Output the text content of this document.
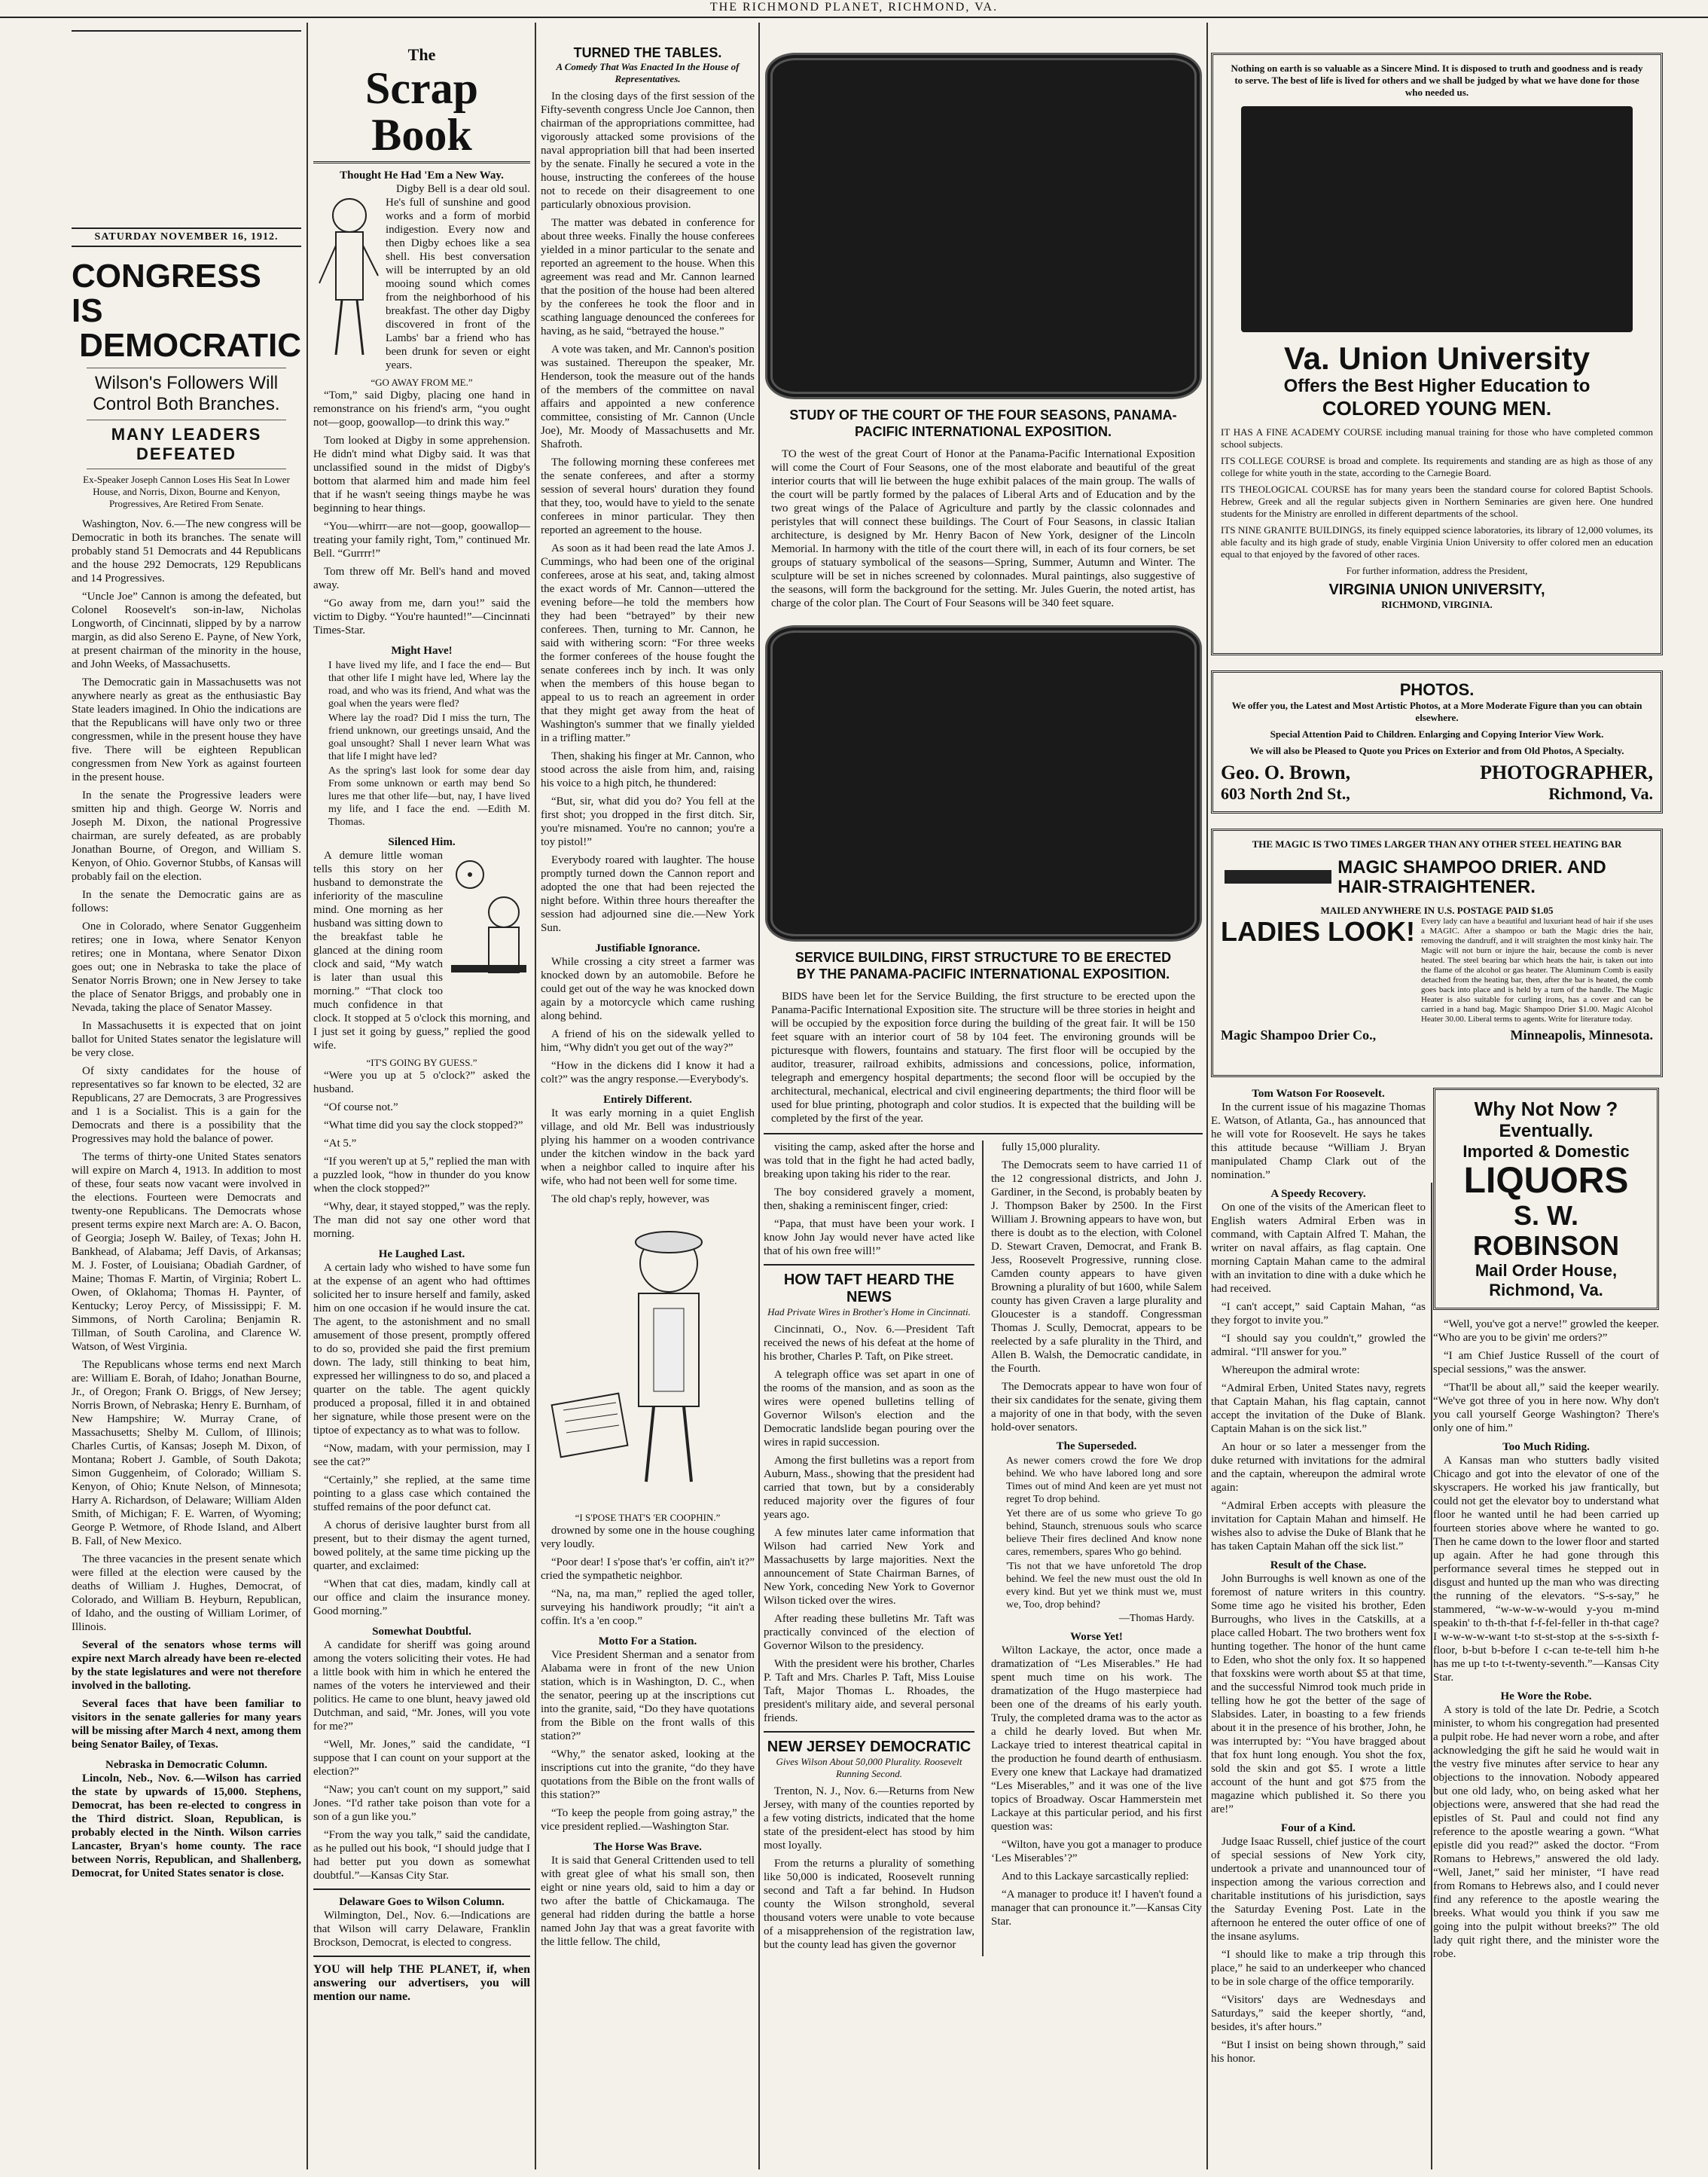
THE RICHMOND PLANET, RICHMOND, VA.
SATURDAY NOVEMBER 16, 1912.
CONGRESS IS
DEMOCRATIC
Wilson's Followers Will Control Both Branches.
MANY LEADERS DEFEATED

Ex-Speaker Joseph Cannon Loses His Seat In Lower House, and Norris, Dixon, Bourne and Kenyon, Progressives, Are Retired From Senate.

Washington, Nov. 6.—The new congress will be Democratic in both its branches. The senate will probably stand 51 Democrats and 44 Republicans and the house 292 Democrats, 129 Republicans and 14 Progressives.

“Uncle Joe” Cannon is among the defeated, but Colonel Roosevelt's son-in-law, Nicholas Longworth, of Cincinnati, slipped by by a narrow margin, as did also Sereno E. Payne, of New York, at present chairman of the minority in the house, and John Weeks, of Massachusetts.

The Democratic gain in Massachusetts was not anywhere nearly as great as the enthusiastic Bay State leaders imagined. In Ohio the indications are that the Republicans will have only two or three congressmen, while in the present house they have five. There will be eighteen Republican congressmen from New York as against fourteen in the present house.

In the senate the Progressive leaders were smitten hip and thigh. George W. Norris and Joseph M. Dixon, the national Progressive chairman, are surely defeated, as are probably Jonathan Bourne, of Oregon, and William S. Kenyon, of Ohio. Governor Stubbs, of Kansas will probably fail on the election.

In the senate the Democratic gains are as follows:

One in Colorado, where Senator Guggenheim retires; one in Iowa, where Senator Kenyon retires; one in Montana, where Senator Dixon goes out; one in Nebraska to take the place of Senator Norris Brown; one in New Jersey to take the place of Senator Briggs, and probably one in Nevada, taking the place of Senator Massey.

In Massachusetts it is expected that on joint ballot for United States senator the legislature will be very close.

Of sixty candidates for the house of representatives so far known to be elected, 32 are Republicans, 27 are Democrats, 3 are Progressives and 1 is a Socialist. This is a gain for the Democrats and there is a possibility that the Progressives may hold the balance of power.

The terms of thirty-one United States senators will expire on March 4, 1913. In addition to most of these, four seats now vacant were involved in the elections. Fourteen were Democrats and twenty-one Republicans. The Democrats whose present terms expire next March are: A. O. Bacon, of Georgia; Joseph W. Bailey, of Texas; John H. Bankhead, of Alabama; Jeff Davis, of Arkansas; M. J. Foster, of Louisiana; Obadiah Gardner, of Maine; Thomas F. Martin, of Virginia; Robert L. Owen, of Oklahoma; Thomas H. Paynter, of Kentucky; Leroy Percy, of Mississippi; F. M. Simmons, of North Carolina; Benjamin R. Tillman, of South Carolina, and Clarence W. Watson, of West Virginia.

The Republicans whose terms end next March are: William E. Borah, of Idaho; Jonathan Bourne, Jr., of Oregon; Frank O. Briggs, of New Jersey; Norris Brown, of Nebraska; Henry E. Burnham, of New Hampshire; W. Murray Crane, of Massachusetts; Shelby M. Cullom, of Illinois; Charles Curtis, of Kansas; Joseph M. Dixon, of Montana; Robert J. Gamble, of South Dakota; Simon Guggenheim, of Colorado; William S. Kenyon, of Ohio; Knute Nelson, of Minnesota; Harry A. Richardson, of Delaware; William Alden Smith, of Michigan; F. E. Warren, of Wyoming; George P. Wetmore, of Rhode Island, and Albert B. Fall, of New Mexico.

The three vacancies in the present senate which were filled at the election were caused by the deaths of William J. Hughes, Democrat, of Colorado, and William B. Heyburn, Republican, of Idaho, and the ousting of William Lorimer, of Illinois.

Several of the senators whose terms will expire next March already have been re-elected by the state legislatures and were not therefore involved in the balloting.

Several faces that have been familiar to visitors in the senate galleries for many years will be missing after March 4 next, among them being Senator Bailey, of Texas.

Nebraska in Democratic Column.

Lincoln, Neb., Nov. 6.—Wilson has carried the state by upwards of 15,000. Stephens, Democrat, has been re-elected to congress in the Third district. Sloan, Republican, is probably elected in the Ninth. Wilson carries Lancaster, Bryan's home county. The race between Norris, Republican, and Shallenberg, Democrat, for United States senator is close.

The
Scrap Book
Thought He Had 'Em a New Way.

Digby Bell is a dear old soul. He's full of sunshine and good works and a form of morbid indigestion. Every now and then Digby echoes like a sea shell. His best conversation will be interrupted by an old mooing sound which comes from the neighborhood of his breakfast. The other day Digby discovered in front of the Lambs' bar a friend who has been drunk for seven or eight years.

“GO AWAY FROM ME.”

“Tom,” said Digby, placing one hand in remonstrance on his friend's arm, “you ought not—goop, goowallop—to drink this way.”

Tom looked at Digby in some apprehension. He didn't mind what Digby said. It was that unclassified sound in the midst of Digby's bottom that alarmed him and made him feel that if he wasn't seeing things maybe he was beginning to hear things.

“You—whirrr—are not—goop, goowallop—treating your family right, Tom,” continued Mr. Bell. “Gurrrr!”

Tom threw off Mr. Bell's hand and moved away.

“Go away from me, darn you!” said the victim to Digby. “You're haunted!”—Cincinnati Times-Star.

Might Have!

I have lived my life, and I face the end— But that other life I might have led, Where lay the road, and who was its friend, And what was the goal when the years were fled?

Where lay the road? Did I miss the turn, The friend unknown, our greetings unsaid, And the goal unsought? Shall I never learn What was that life I might have led?

As the spring's last look for some dear day From some unknown or earth may bend So lures me that other life—but, nay, I have lived my life, and I face the end. —Edith M. Thomas.

Silenced Him.

A demure little woman tells this story on her husband to demonstrate the inferiority of the masculine mind. One morning as her husband was sitting down to the breakfast table he glanced at the dining room clock and said, “My watch is later than usual this morning.” “That clock too much confidence in that clock. It stopped at 5 o'clock this morning, and I just set it going by guess,” replied the good wife.

“IT'S GOING BY GUESS.”

“Were you up at 5 o'clock?” asked the husband.

“Of course not.”

“What time did you say the clock stopped?”

“At 5.”

“If you weren't up at 5,” replied the man with a puzzled look, “how in thunder do you know when the clock stopped?”

“Why, dear, it stayed stopped,” was the reply. The man did not say one other word that morning.

He Laughed Last.

A certain lady who wished to have some fun at the expense of an agent who had ofttimes solicited her to insure herself and family, asked him on one occasion if he would insure the cat. The agent, to the astonishment and no small amusement of those present, promptly offered to do so, provided she paid the first premium down. The lady, still thinking to beat him, expressed her willingness to do so, and placed a quarter on the table. The agent quickly produced a proposal, filled it in and obtained her signature, while those present were on the tiptoe of expectancy as to what was to follow.

“Now, madam, with your permission, may I see the cat?”

“Certainly,” she replied, at the same time pointing to a glass case which contained the stuffed remains of the poor defunct cat.

A chorus of derisive laughter burst from all present, but to their dismay the agent turned, bowed politely, at the same time picking up the quarter, and exclaimed:

“When that cat dies, madam, kindly call at our office and claim the insurance money. Good morning.”

Somewhat Doubtful.

A candidate for sheriff was going around among the voters soliciting their votes. He had a little book with him in which he entered the names of the voters he interviewed and their politics. He came to one blunt, heavy jawed old Dutchman, and said, “Mr. Jones, will you vote for me?”

“Well, Mr. Jones,” said the candidate, “I suppose that I can count on your support at the election?”

“Naw; you can't count on my support,” said Jones. “I'd rather take poison than vote for a son of a gun like you.”

“From the way you talk,” said the candidate, as he pulled out his book, “I should judge that I had better put you down as somewhat doubtful.”—Kansas City Star.

Delaware Goes to Wilson Column.

Wilmington, Del., Nov. 6.—Indications are that Wilson will carry Delaware, Franklin Brockson, Democrat, is elected to congress.

YOU will help THE PLANET, if, when answering our advertisers, you will mention our name.

TURNED THE TABLES.

A Comedy That Was Enacted In the House of Representatives.

In the closing days of the first session of the Fifty-seventh congress Uncle Joe Cannon, then chairman of the appropriations committee, had vigorously attacked some provisions of the naval appropriation bill that had been inserted by the senate. Finally he secured a vote in the house, instructing the conferees of the house not to recede on their disagreement to one particularly obnoxious provision.

The matter was debated in conference for about three weeks. Finally the house conferees yielded in a minor particular to the senate and reported an agreement to the house. When this agreement was read and Mr. Cannon learned that the position of the house had been altered by the conferees he took the floor and in scathing language denounced the conferees for having, as he said, “betrayed the house.”

A vote was taken, and Mr. Cannon's position was sustained. Thereupon the speaker, Mr. Henderson, took the measure out of the hands of the members of the committee on naval affairs and appointed a new conference committee, consisting of Mr. Cannon (Uncle Joe), Mr. Moody of Massachusetts and Mr. Shafroth.

The following morning these conferees met the senate conferees, and after a stormy session of several hours' duration they found that they, too, would have to yield to the senate conferees in minor particular. They then reported an agreement to the house.

As soon as it had been read the late Amos J. Cummings, who had been one of the original conferees, arose at his seat, and, taking almost the exact words of Mr. Cannon—uttered the evening before—he told the members how they had been “betrayed” by their new conferees. Then, turning to Mr. Cannon, he said with withering scorn: “For three weeks the former conferees of the house fought the senate conferees inch by inch. It was only when the members of this house began to appeal to us to reach an agreement in order that they might get away from the heat of Washington's summer that we finally yielded in a trifling matter.”

Then, shaking his finger at Mr. Cannon, who stood across the aisle from him, and, raising his voice to a high pitch, he thundered:

“But, sir, what did you do? You fell at the first shot; you dropped in the first ditch. Sir, you're misnamed. You're no cannon; you're a toy pistol!”

Everybody roared with laughter. The house promptly turned down the Cannon report and adopted the one that had been rejected the night before. Within three hours thereafter the session had adjourned sine die.—New York Sun.

Justifiable Ignorance.

While crossing a city street a farmer was knocked down by an automobile. Before he could get out of the way he was knocked down again by a motorcycle which came rushing along behind.

A friend of his on the sidewalk yelled to him, “Why didn't you get out of the way?”

“How in the dickens did I know it had a colt?” was the angry response.—Everybody's.

Entirely Different.

It was early morning in a quiet English village, and old Mr. Bell was industriously plying his hammer on a wooden contrivance under the kitchen window in the back yard when a neighbor called to inquire after his wife, who had not been well for some time.

The old chap's reply, however, was

“I S'POSE THAT'S 'ER COOPHIN.”

drowned by some one in the house coughing very loudly.

“Poor dear! I s'pose that's 'er coffin, ain't it?” cried the sympathetic neighbor.

“Na, na, ma man,” replied the aged toller, surveying his handiwork proudly; “it ain't a coffin. It's a 'en coop.”

Motto For a Station.

Vice President Sherman and a senator from Alabama were in front of the new Union station, which is in Washington, D. C., when the senator, peering up at the inscriptions cut into the granite, said, “Do they have quotations from the Bible on the front walls of this station?”

“Why,” the senator asked, looking at the inscriptions cut into the granite, “do they have quotations from the Bible on the front walls of this station?”

“To keep the people from going astray,” the vice president replied.—Washington Star.

The Horse Was Brave.

It is said that General Crittenden used to tell with great glee of what his small son, then eight or nine years old, said to him a day or two after the battle of Chickamauga. The general had ridden during the battle a horse named John Jay that was a great favorite with the little fellow. The child,

STUDY OF THE COURT OF THE FOUR SEASONS, PANAMA-PACIFIC INTERNATIONAL EXPOSITION.

TO the west of the great Court of Honor at the Panama-Pacific International Exposition will come the Court of Four Seasons, one of the most elaborate and beautiful of the great interior courts that will lie between the huge exhibit palaces of the main group. The walls of the court will be partly formed by the palaces of Liberal Arts and of Education and by the two great wings of the Palace of Agriculture and partly by the classic colonnades and peristyles that will connect these buildings. The Court of Four Seasons, in classic Italian architecture, is designed by Mr. Henry Bacon of New York, designer of the Lincoln Memorial. In harmony with the title of the court there will, in each of its four corners, be set groups of statuary symbolical of the seasons—Spring, Summer, Autumn and Winter. The sculpture will be set in niches screened by colonnades. Mural paintings, also suggestive of the seasons, will form the background for the setting. Mr. Jules Guerin, the noted artist, has charge of the color plan. The Court of Four Seasons will be 340 feet square.

SERVICE BUILDING, FIRST STRUCTURE TO BE ERECTED BY THE PANAMA-PACIFIC INTERNATIONAL EXPOSITION.

BIDS have been let for the Service Building, the first structure to be erected upon the Panama-Pacific International Exposition site. The structure will be three stories in height and will be occupied by the exposition force during the building of the great fair. It will be 150 feet square with an interior court of 58 by 104 feet. The environing grounds will be picturesque with flowers, fountains and statuary. The first floor will be occupied by the auditor, treasurer, railroad exhibits, admissions and concessions, police, information, telegraph and emergency hospital departments; the second floor will be occupied by the architectural, mechanical, electrical and civil engineering departments; the third floor will be used for blue printing, photograph and color studios. It is expected that the building will be completed by the first of the year.

visiting the camp, asked after the horse and was told that in the fight he had acted badly, breaking upon taking his rider to the rear.

The boy considered gravely a moment, then, shaking a reminiscent finger, cried:

“Papa, that must have been your work. I know John Jay would never have acted like that of his own free will!”

HOW TAFT HEARD THE NEWS

Had Private Wires in Brother's Home in Cincinnati.

Cincinnati, O., Nov. 6.—President Taft received the news of his defeat at the home of his brother, Charles P. Taft, on Pike street.

A telegraph office was set apart in one of the rooms of the mansion, and as soon as the wires were opened bulletins telling of Governor Wilson's election and the Democratic landslide began pouring over the wires in rapid succession.

Among the first bulletins was a report from Auburn, Mass., showing that the president had carried that town, but by a considerably reduced majority over the figures of four years ago.

A few minutes later came information that Wilson had carried New York and Massachusetts by large majorities. Next the announcement of State Chairman Barnes, of New York, conceding New York to Governor Wilson ticked over the wires.

After reading these bulletins Mr. Taft was practically convinced of the election of Governor Wilson to the presidency.

With the president were his brother, Charles P. Taft and Mrs. Charles P. Taft, Miss Louise Taft, Major Thomas L. Rhoades, the president's military aide, and several personal friends.

NEW JERSEY DEMOCRATIC

Gives Wilson About 50,000 Plurality. Roosevelt Running Second.

Trenton, N. J., Nov. 6.—Returns from New Jersey, with many of the counties reported by a few voting districts, indicated that the home state of the president-elect has stood by him most loyally.

From the returns a plurality of something like 50,000 is indicated, Roosevelt running second and Taft a far behind. In Hudson county the Wilson stronghold, several thousand voters were unable to vote because of a misapprehension of the registration law, but the county lead has given the governor

fully 15,000 plurality.

The Democrats seem to have carried 11 of the 12 congressional districts, and John J. Gardiner, in the Second, is probably beaten by J. Thompson Baker by 2500. In the First William J. Browning appears to have won, but there is doubt as to the election, with Colonel D. Stewart Craven, Democrat, and Frank B. Jess, Roosevelt Progressive, running close. Camden county appears to have given Browning a plurality of but 1600, while Salem county has given Craven a large plurality and Gloucester is a standoff. Congressman Thomas J. Scully, Democrat, appears to be reelected by a safe plurality in the Third, and Allen B. Walsh, the Democratic candidate, in the Fourth.

The Democrats appear to have won four of their six candidates for the senate, giving them a majority of one in that body, with the seven hold-over senators.

The Superseded.

As newer comers crowd the fore We drop behind. We who have labored long and sore Times out of mind And keen are yet must not regret To drop behind.

Yet there are of us some who grieve To go behind, Staunch, strenuous souls who scarce believe Their fires declined And know none cares, remembers, spares Who go behind.

'Tis not that we have unforetold The drop behind. We feel the new must oust the old In every kind. But yet we think must we, must we, Too, drop behind?

—Thomas Hardy.
Worse Yet!

Wilton Lackaye, the actor, once made a dramatization of “Les Miserables.” He had spent much time on his work. The dramatization of the Hugo masterpiece had been one of the dreams of his early youth. Truly, the completed drama was to the actor as a child he dearly loved. But when Mr. Lackaye tried to interest theatrical capital in the production he found dearth of enthusiasm. Every one knew that Lackaye had dramatized “Les Miserables,” and it was one of the live topics of Broadway. Oscar Hammerstein met Lackaye at this particular period, and his first question was:

“Wilton, have you got a manager to produce ‘Les Miserables’?”

And to this Lackaye sarcastically replied:

“A manager to produce it! I haven't found a manager that can pronounce it.”—Kansas City Star.

Nothing on earth is so valuable as a Sincere Mind. It is disposed to truth and goodness and is ready to serve. The best of life is lived for others and we shall be judged by what we have done for those who needed us.

Va. Union University
Offers the Best Higher Education to
COLORED YOUNG MEN.

IT HAS A FINE ACADEMY COURSE including manual training for those who have completed common school subjects.

ITS COLLEGE COURSE is broad and complete. Its requirements and standing are as high as those of any college for white youth in the state, according to the Carnegie Board.

ITS THEOLOGICAL COURSE has for many years been the standard course for colored Baptist Schools. Hebrew, Greek and all the regular subjects given in Northern Seminaries are given here. One hundred students for the Ministry are enrolled in different departments of the school.

ITS NINE GRANITE BUILDINGS, its finely equipped science laboratories, its library of 12,000 volumes, its able faculty and its high grade of study, enable Virginia Union University to offer colored men an education equal to that enjoyed by the favored of other races.

For further information, address the President,

VIRGINIA UNION UNIVERSITY,
RICHMOND, VIRGINIA.
PHOTOS.

We offer you, the Latest and Most Artistic Photos, at a More Moderate Figure than you can obtain elsewhere.

Special Attention Paid to Children. Enlarging and Copying Interior View Work.

We will also be Pleased to Quote you Prices on Exterior and from Old Photos, A Specialty.

Geo. O. Brown,	PHOTOGRAPHER,
603 North 2nd St.,	Richmond, Va.
THE MAGIC IS TWO TIMES LARGER THAN ANY OTHER STEEL HEATING BAR
MAGIC SHAMPOO DRIER. AND HAIR-STRAIGHTENER.
MAILED ANYWHERE IN U.S. POSTAGE PAID $1.05
LADIES LOOK! Every lady can have a beautiful and luxuriant head of hair if she uses a MAGIC. After a shampoo or bath the Magic dries the hair, removing the dandruff, and it will straighten the most kinky hair. The Magic will not burn or injure the hair, because the comb is never heated. The steel bearing bar which heats the hair, is taken out into the flame of the alcohol or gas heater. The Aluminum Comb is easily detached from the heating bar, then, after the bar is heated, the comb goes back into place and is held by a turn of the handle. The Magic Heater is also suitable for curling irons, has a cover and can be carried in a hand bag. Magic Shampoo Drier $1.00. Magic Alcohol Heater 30.00. Liberal terms to agents. Write for literature today.

Magic Shampoo Drier Co.,	Minneapolis, Minnesota.
Tom Watson For Roosevelt.

In the current issue of his magazine Thomas E. Watson, of Atlanta, Ga., has announced that he will vote for Roosevelt. He says he takes this attitude because “William J. Bryan manipulated Champ Clark out of the nomination.”

A Speedy Recovery.

On one of the visits of the American fleet to English waters Admiral Erben was in command, with Captain Alfred T. Mahan, the writer on naval affairs, as flag captain. One morning Captain Mahan came to the admiral with an invitation to dine with a duke which he had received.

“I can't accept,” said Captain Mahan, “as they forgot to invite you.”

“I should say you couldn't,” growled the admiral. “I'll answer for you.”

Whereupon the admiral wrote:

“Admiral Erben, United States navy, regrets that Captain Mahan, his flag captain, cannot accept the invitation of the Duke of Blank. Captain Mahan is on the sick list.”

An hour or so later a messenger from the duke returned with invitations for the admiral and the captain, whereupon the admiral wrote again:

“Admiral Erben accepts with pleasure the invitation for Captain Mahan and himself. He wishes also to advise the Duke of Blank that he has taken Captain Mahan off the sick list.”

Result of the Chase.

John Burroughs is well known as one of the foremost of nature writers in this country. Some time ago he visited his brother, Eden Burroughs, who lives in the Catskills, at a place called Hobart. The two brothers went fox hunting together. The honor of the hunt came to Eden, who shot the only fox. It so happened that foxskins were worth about $5 at that time, and the successful Nimrod took much pride in telling how he got the better of the sage of Slabsides. Later, in boasting to a few friends about it in the presence of his brother, John, he was interrupted by: “You have bragged about that fox hunt long enough. You shot the fox, sold the skin and got $5. I wrote a little account of the hunt and got $75 from the magazine which published it. So there you are!”

Four of a Kind.

Judge Isaac Russell, chief justice of the court of special sessions of New York city, undertook a private and unannounced tour of inspection among the various correction and charitable institutions of his jurisdiction, says the Saturday Evening Post. Late in the afternoon he entered the outer office of one of the insane asylums.

“I should like to make a trip through this place,” he said to an underkeeper who chanced to be in sole charge of the office temporarily.

“Visitors' days are Wednesdays and Saturdays,” said the keeper shortly, “and, besides, it's after hours.”

“But I insist on being shown through,” said his honor.

Why Not Now ?
Eventually.
Imported & Domestic
LIQUORS
S. W. ROBINSON
Mail Order House,
Richmond, Va.

“Well, you've got a nerve!” growled the keeper. “Who are you to be givin' me orders?”

“I am Chief Justice Russell of the court of special sessions,” was the answer.

“That'll be about all,” said the keeper wearily. “We've got three of you in here now. Why don't you call yourself George Washington? There's only one of him.”

Too Much Riding.

A Kansas man who stutters badly visited Chicago and got into the elevator of one of the skyscrapers. He worked his jaw frantically, but could not get the elevator boy to understand what floor he wanted until he had been carried up fourteen stories above where he wanted to go. Then he came down to the lower floor and started up again. After he had gone through this performance several times he stepped out in disgust and hunted up the man who was directing the running of the elevators. “S-s-say,” he stammered, “w-w-w-w-would y-you m-mind speakin' to th-th-that f-f-fel-feller in th-that cage? I w-w-w-w-want t-to st-st-stop at the s-s-sixth f-floor, b-but b-before I c-can te-te-tell him h-he has me up t-to t-t-twenty-seventh.”—Kansas City Star.

He Wore the Robe.

A story is told of the late Dr. Pedrie, a Scotch minister, to whom his congregation had presented a pulpit robe. He had never worn a robe, and after acknowledging the gift he said he would wait in the vestry five minutes after service to hear any objections to the innovation. Nobody appeared but one old lady, who, on being asked what her objections were, answered that she had read the epistles of St. Paul and could not find any reference to the apostle wearing a gown. “What epistle did you read?” asked the doctor. “From Romans to Hebrews,” answered the old lady. “Well, Janet,” said her minister, “I have read from Romans to Hebrews also, and I could never find any reference to the apostle wearing the breeks. What would you think if you saw me going into the pulpit without breeks?” The old lady quit right there, and the minister wore the robe.
